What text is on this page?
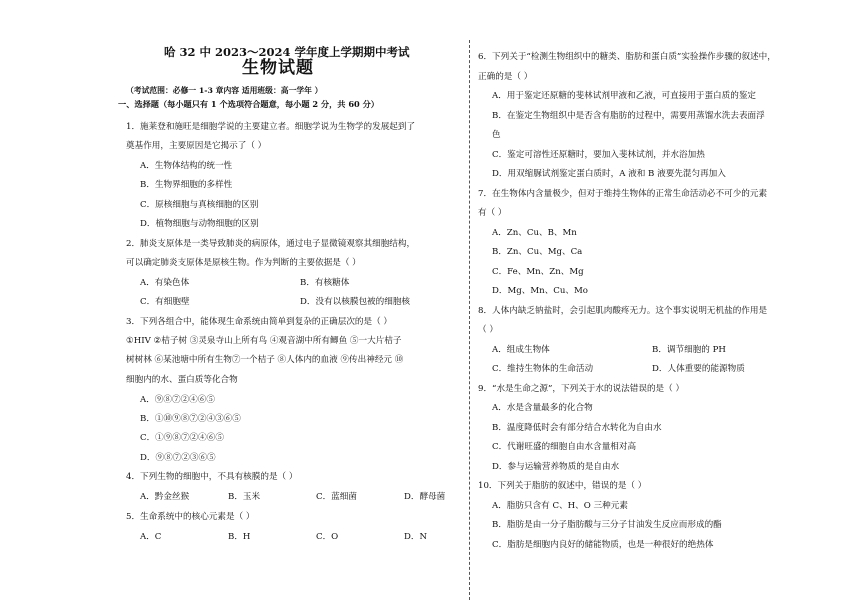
哈 32 中 2023～2024 学年度上学期期中考试
生物试题
（考试范围：必修一 1-3 章内容 适用班级：高一学年 ）
一、选择题（每小题只有 1 个选项符合题意，每小题 2 分，共 60 分）
1．施莱登和施旺是细胞学说的主要建立者。细胞学说为生物学的发展起到了
奠基作用，主要原因是它揭示了（ ）
A．生物体结构的统一性
B．生物界细胞的多样性
C．原核细胞与真核细胞的区别
D．植物细胞与动物细胞的区别
2．肺炎支原体是一类导致肺炎的病原体，通过电子显微镜观察其细胞结构，
可以确定肺炎支原体是原核生物。作为判断的主要依据是（ ）
A．有染色体	B．有核糖体
C．有细胞壁	D．没有以核膜包被的细胞核
3．下列各组合中，能体现生命系统由简单到复杂的正确层次的是（ ）
①HIV ②桔子树 ③灵泉寺山上所有鸟 ④观音湖中所有鲫鱼 ⑤一大片桔子
树树林 ⑥某池塘中所有生物⑦一个桔子 ⑧人体内的血液 ⑨传出神经元 ⑩
细胞内的水、蛋白质等化合物
A．⑨⑧⑦②④⑥⑤
B．①⑩⑨⑧⑦②④③⑥⑤
C．①⑨⑧⑦②④⑥⑤
D．⑨⑧⑦②③⑥⑤
4．下列生物的细胞中，不具有核膜的是（ ）
A．黔金丝猴	B．玉米	C．蓝细菌	D．酵母菌
5．生命系统中的核心元素是（ ）
A．C	B．H	C．O	D．N
6．下列关于“检测生物组织中的糖类、脂肪和蛋白质”实验操作步骤的叙述中，
正确的是（ ）
A．用于鉴定还原糖的斐林试剂甲液和乙液，可直接用于蛋白质的鉴定
B．在鉴定生物组织中是否含有脂肪的过程中，需要用蒸馏水洗去表面浮
色
C．鉴定可溶性还原糖时，要加入斐林试剂，并水浴加热
D．用双缩脲试剂鉴定蛋白质时，A 液和 B 液要先混匀再加入
7．在生物体内含量极少，但对于维持生物体的正常生命活动必不可少的元素
有（ ）
A．Zn、Cu、B、Mn
B．Zn、Cu、Mg、Ca
C．Fe、Mn、Zn、Mg
D．Mg、Mn、Cu、Mo
8．人体内缺乏钠盐时，会引起肌肉酸疼无力。这个事实说明无机盐的作用是
（ ）
A．组成生物体	B．调节细胞的 PH
C．维持生物体的生命活动	D．人体重要的能源物质
9．“水是生命之源”，下列关于水的说法错误的是（ ）
A．水是含量最多的化合物
B．温度降低时会有部分结合水转化为自由水
C．代谢旺盛的细胞自由水含量相对高
D．参与运输营养物质的是自由水
10．下列关于脂肪的叙述中，错误的是（ ）
A．脂肪只含有 C、H、O 三种元素
B．脂肪是由一分子脂肪酸与三分子甘油发生反应而形成的酯
C．脂肪是细胞内良好的储能物质，也是一种很好的绝热体
